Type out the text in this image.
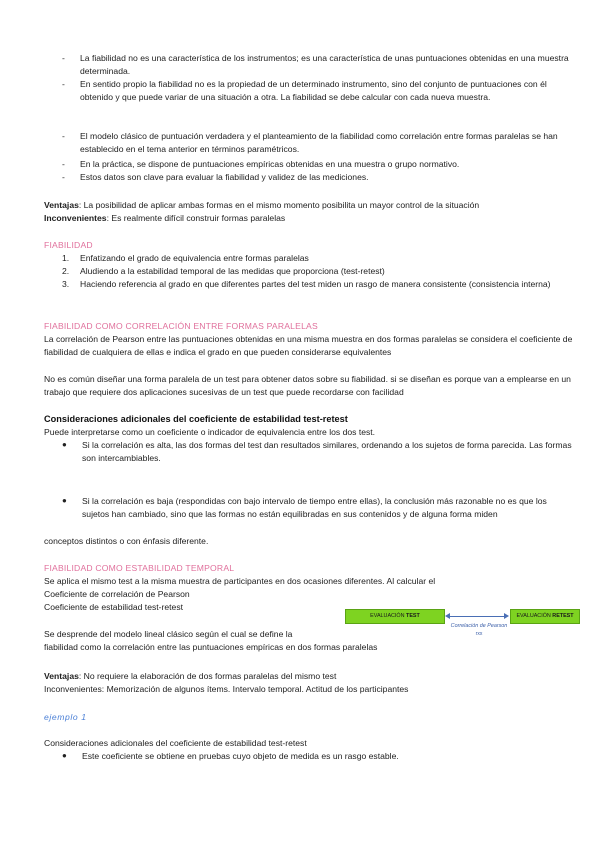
-	La fiabilidad no es una característica de los instrumentos; es una característica de unas puntuaciones obtenidas en una muestra determinada.
-	En sentido propio la fiabilidad no es la propiedad de un determinado instrumento, sino del conjunto de puntuaciones con él obtenido y que puede variar de una situación a otra. La fiabilidad se debe calcular con cada nueva muestra.
-	El modelo clásico de puntuación verdadera y el planteamiento de la fiabilidad como correlación entre formas paralelas se han establecido en el tema anterior en términos paramétricos.
-	En la práctica, se dispone de puntuaciones empíricas obtenidas en una muestra o grupo normativo.
-	Estos datos son clave para evaluar la fiabilidad y validez de las mediciones.
Ventajas: La posibilidad de aplicar ambas formas en el mismo momento posibilita un mayor control de la situación
Inconvenientes: Es realmente difícil construir formas paralelas
FIABILIDAD
1.	Enfatizando el grado de equivalencia entre formas paralelas
2.	Aludiendo a la estabilidad temporal de las medidas que proporciona (test-retest)
3.	Haciendo referencia al grado en que diferentes partes del test miden un rasgo de manera consistente (consistencia interna)
FIABILIDAD COMO CORRELACIÓN ENTRE FORMAS PARALELAS
La correlación de Pearson entre las puntuaciones obtenidas en una misma muestra en dos formas paralelas se considera el coeficiente de fiabilidad de cualquiera de ellas e indica el grado en que pueden considerarse equivalentes
No es común diseñar una forma paralela de un test para obtener datos sobre su fiabilidad. si se diseñan es porque van a emplearse en un trabajo que requiere dos aplicaciones sucesivas de un test que puede recordarse con facilidad
Consideraciones adicionales del coeficiente de estabilidad test-retest
Puede interpretarse como un coeficiente o indicador de equivalencia entre los dos test.
●	Si la correlación es alta, las dos formas del test dan resultados similares, ordenando a los sujetos de forma parecida. Las formas son intercambiables.
●	Si la correlación es baja (respondidas con bajo intervalo de tiempo entre ellas), la conclusión más razonable no es que los sujetos han cambiado, sino que las formas no están equilibradas en sus contenidos y de alguna forma miden
conceptos distintos o con énfasis diferente.
FIABILIDAD COMO ESTABILIDAD TEMPORAL
Se aplica el mismo test a la misma muestra de participantes en dos ocasiones diferentes. Al calcular el
Coeficiente de correlación de Pearson
Coeficiente de estabilidad test-retest
Se desprende del modelo lineal clásico según el cual se define la
fiabilidad como la correlación entre las puntuaciones empíricas en dos formas paralelas
EVALUACIÓN TEST	EVALUACIÓN RETEST
Correlación de Pearson
rxx
Ventajas: No requiere la elaboración de dos formas paralelas del mismo test
Inconvenientes: Memorización de algunos ítems. Intervalo temporal. Actitud de los participantes
ejemplo 1
Consideraciones adicionales del coeficiente de estabilidad test-retest
●	Este coeficiente se obtiene en pruebas cuyo objeto de medida es un rasgo estable.
